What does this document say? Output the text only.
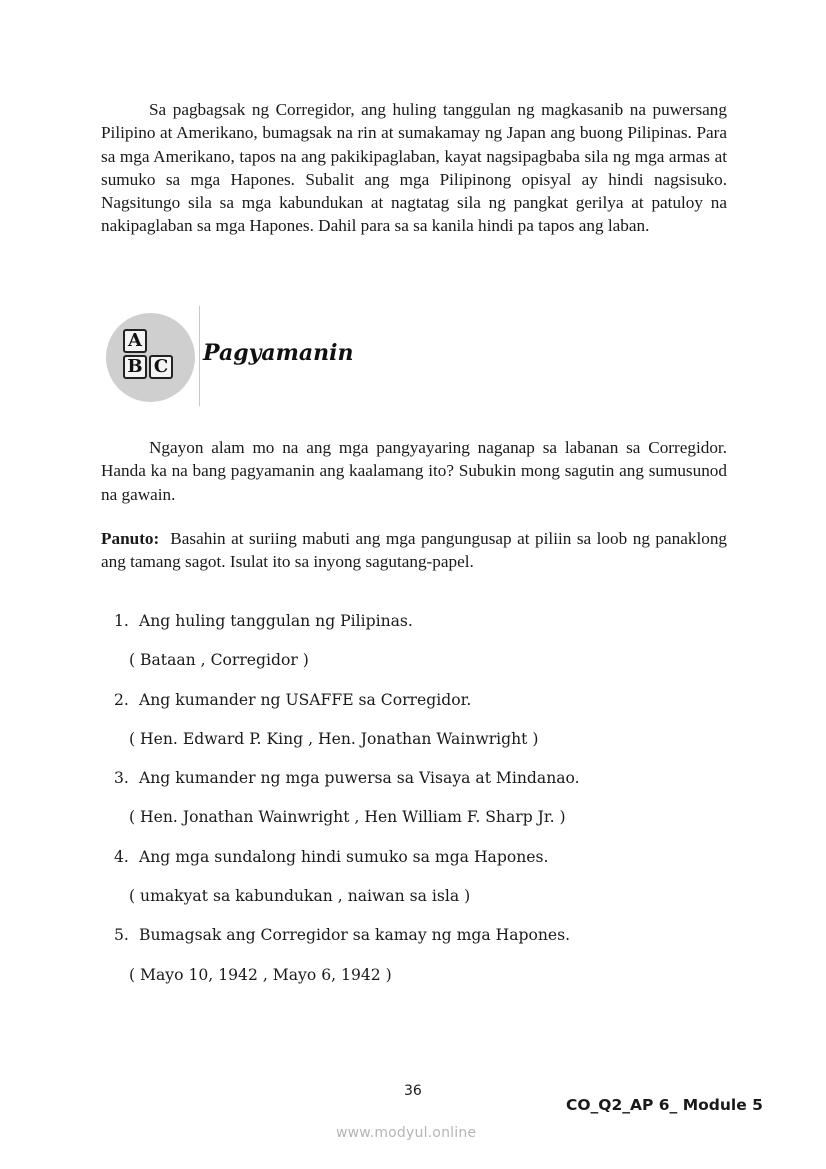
Sa pagbagsak ng Corregidor, ang huling tanggulan ng magkasanib na puwersang Pilipino at Amerikano, bumagsak na rin at sumakamay ng Japan ang buong Pilipinas. Para sa mga Amerikano, tapos na ang pakikipaglaban, kayat nagsipagbaba sila ng mga armas at sumuko sa mga Hapones. Subalit ang mga Pilipinong opisyal ay hindi nagsisuko. Nagsitungo sila sa mga kabundukan at nagtatag sila ng pangkat gerilya at patuloy na nakipaglaban sa mga Hapones. Dahil para sa sa kanila hindi pa tapos ang laban.

A
B C
Pagyamanin

Ngayon alam mo na ang mga pangyayaring naganap sa labanan sa Corregidor. Handa ka na bang pagyamanin ang kaalamang ito? Subukin mong sagutin ang sumusunod na gawain.

Panuto: Basahin at suriing mabuti ang mga pangungusap at piliin sa loob ng panaklong ang tamang sagot. Isulat ito sa inyong sagutang-papel.

1. Ang huling tanggulan ng Pilipinas.
( Bataan , Corregidor )
2. Ang kumander ng USAFFE sa Corregidor.
( Hen. Edward P. King , Hen. Jonathan Wainwright )
3. Ang kumander ng mga puwersa sa Visaya at Mindanao.
( Hen. Jonathan Wainwright , Hen William F. Sharp Jr. )
4. Ang mga sundalong hindi sumuko sa mga Hapones.
( umakyat sa kabundukan , naiwan sa isla )
5. Bumagsak ang Corregidor sa kamay ng mga Hapones.
( Mayo 10, 1942 , Mayo 6, 1942 )
36
CO_Q2_AP 6_ Module 5
www.modyul.online
